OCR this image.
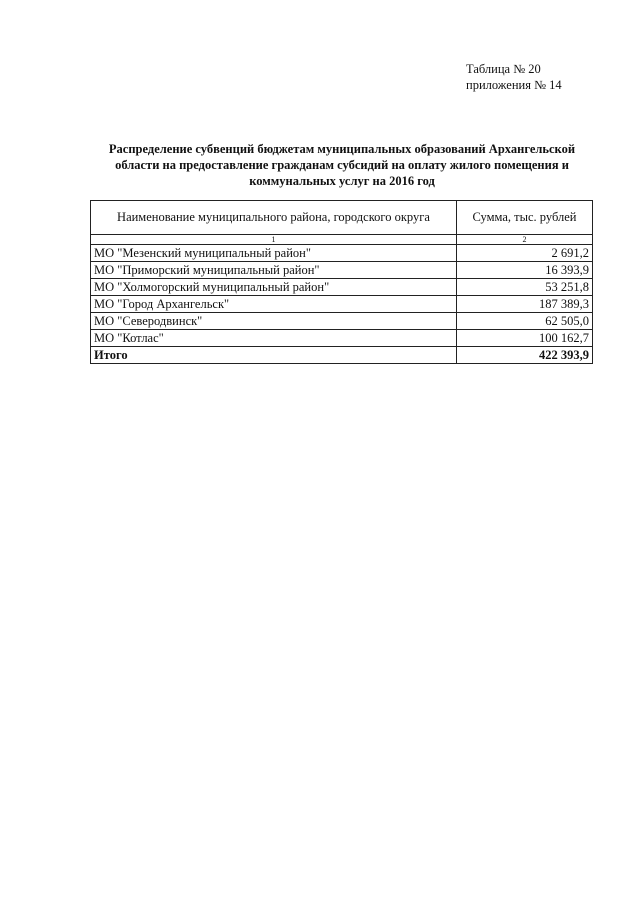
Таблица № 20
приложения № 14
Распределение субвенций бюджетам муниципальных образований Архангельской
области на предоставление гражданам субсидий на оплату жилого помещения и
коммунальных услуг на 2016 год
Наименование муниципального района, городского округа	Сумма, тыс. рублей
1	2
МО "Мезенский муниципальный район"	2 691,2
МО "Приморский муниципальный район"	16 393,9
МО "Холмогорский муниципальный район"	53 251,8
МО "Город Архангельск"	187 389,3
МО "Северодвинск"	62 505,0
МО "Котлас"	100 162,7
Итого	422 393,9
